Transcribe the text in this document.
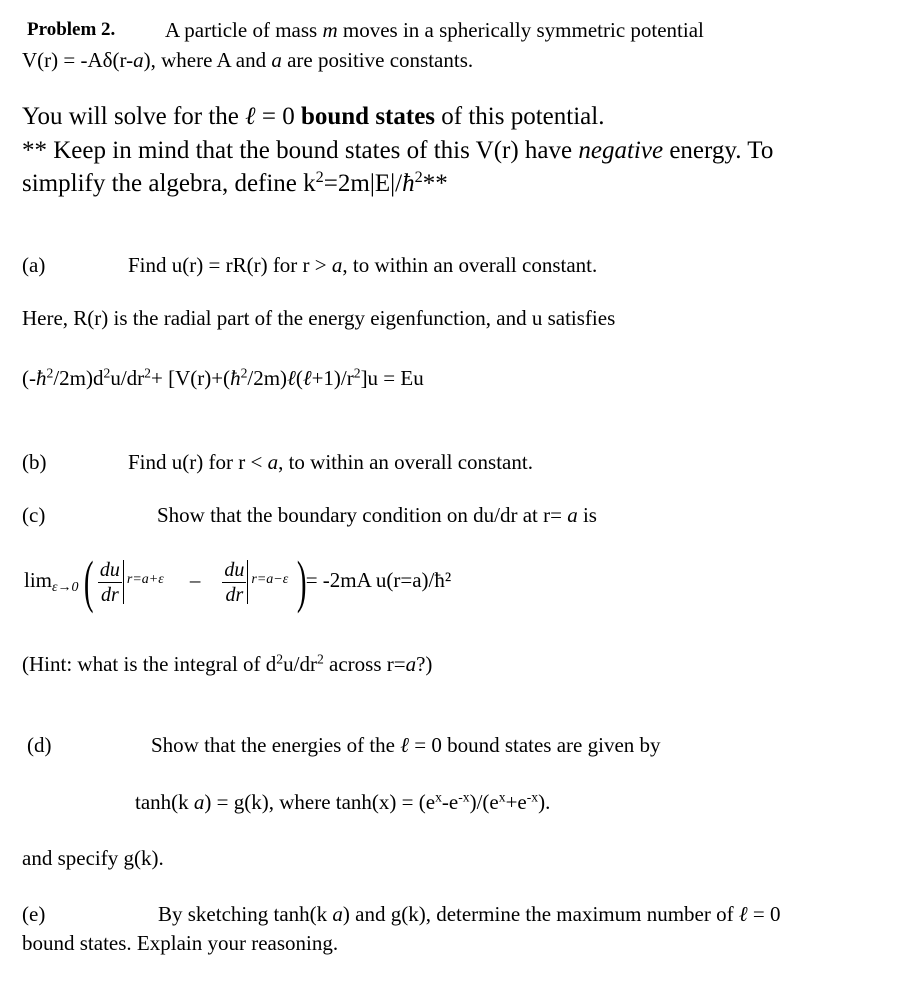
Problem 2. A particle of mass m moves in a spherically symmetric potential
V(r) = -Aδ(r-a), where A and a are positive constants.
You will solve for the ℓ = 0 bound states of this potential.
** Keep in mind that the bound states of this V(r) have negative energy. To
simplify the algebra, define $k^2=2m|E|/ħ^2**$
(a)	Find u(r) = rR(r) for r > a, to within an overall constant.
Here, R(r) is the radial part of the energy eigenfunction, and u satisfies
$(-ħ^2/2m)d^2u/dr^2+$ $[V(r)+(ħ^2/2m)\ell(\ell+1)/r^2]u = Eu$
(b)	Find u(r) for r < a, to within an overall constant.
(c)	Show that the boundary condition on du/dr at r= a is
$\lim\varepsilon\to 0( \frac{du}{dr} r=a+\varepsilon - \frac{du}{dr} r=a-\varepsilon$ )= -2mA u(r=a)/ħ²
(Hint: what is the integral of $d^2u/dr^2$ across r=a?)
(d)	Show that the energies of the ℓ = 0 bound states are given by
tanh(k a) = g(k), where $\tanh(x) = (e^x-e^{-x})/(e^x+e^{-x})$.
and specify g(k).
(e)	By sketching tanh(k a) and g(k), determine the maximum number of ℓ = 0
bound states. Explain your reasoning.
